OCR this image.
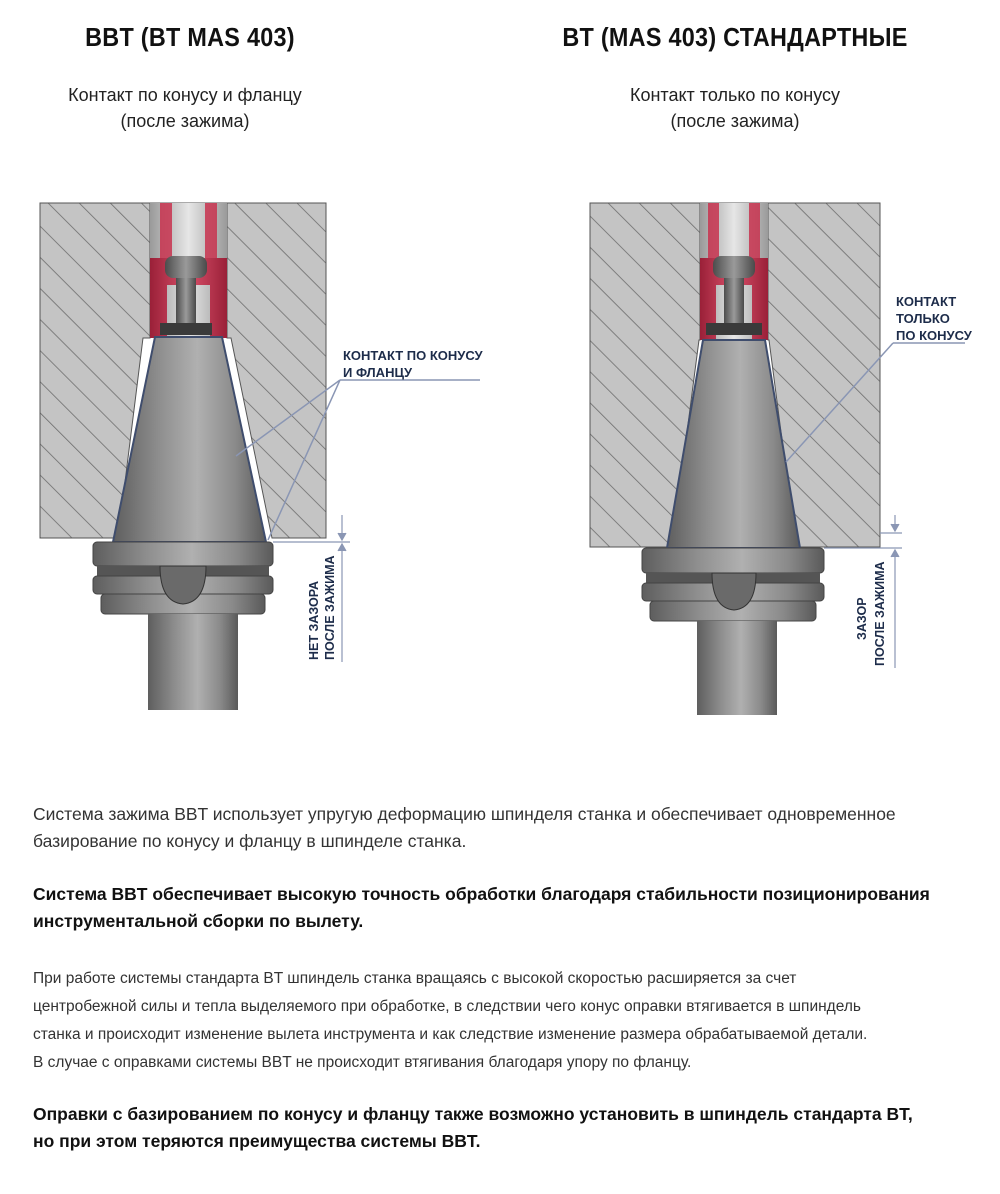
BBT (BT MAS 403)	BT (MAS 403) СТАНДАРТНЫЕ
Контакт по конусу и фланцу
(после зажима)
Контакт только по конусу
(после зажима)
КОНТАКТ ПО КОНУСУ
И ФЛАНЦУ
НЕТ ЗАЗОРА ПОСЛЕ ЗАЖИМА
КОНТАКТ
ТОЛЬКО
ПО КОНУСУ
ЗАЗОР ПОСЛЕ ЗАЖИМА
Система зажима BBT использует упругую деформацию шпинделя станка и обеспечивает одновременное
базирование по конусу и фланцу в шпинделе станка.
Система BBT обеспечивает высокую точность обработки благодаря стабильности позиционирования
инструментальной сборки по вылету.
При работе системы стандарта BT шпиндель станка вращаясь с высокой скоростью расширяется за счет
центробежной силы и тепла выделяемого при обработке, в следствии чего конус оправки втягивается в шпиндель
станка и происходит изменение вылета инструмента и как следствие изменение размера обрабатываемой детали.
В случае с оправками системы BBT не происходит втягивания благодаря упору по фланцу.
Оправки с базированием по конусу и фланцу также возможно установить в шпиндель стандарта BT,
но при этом теряются преимущества системы BBT.
